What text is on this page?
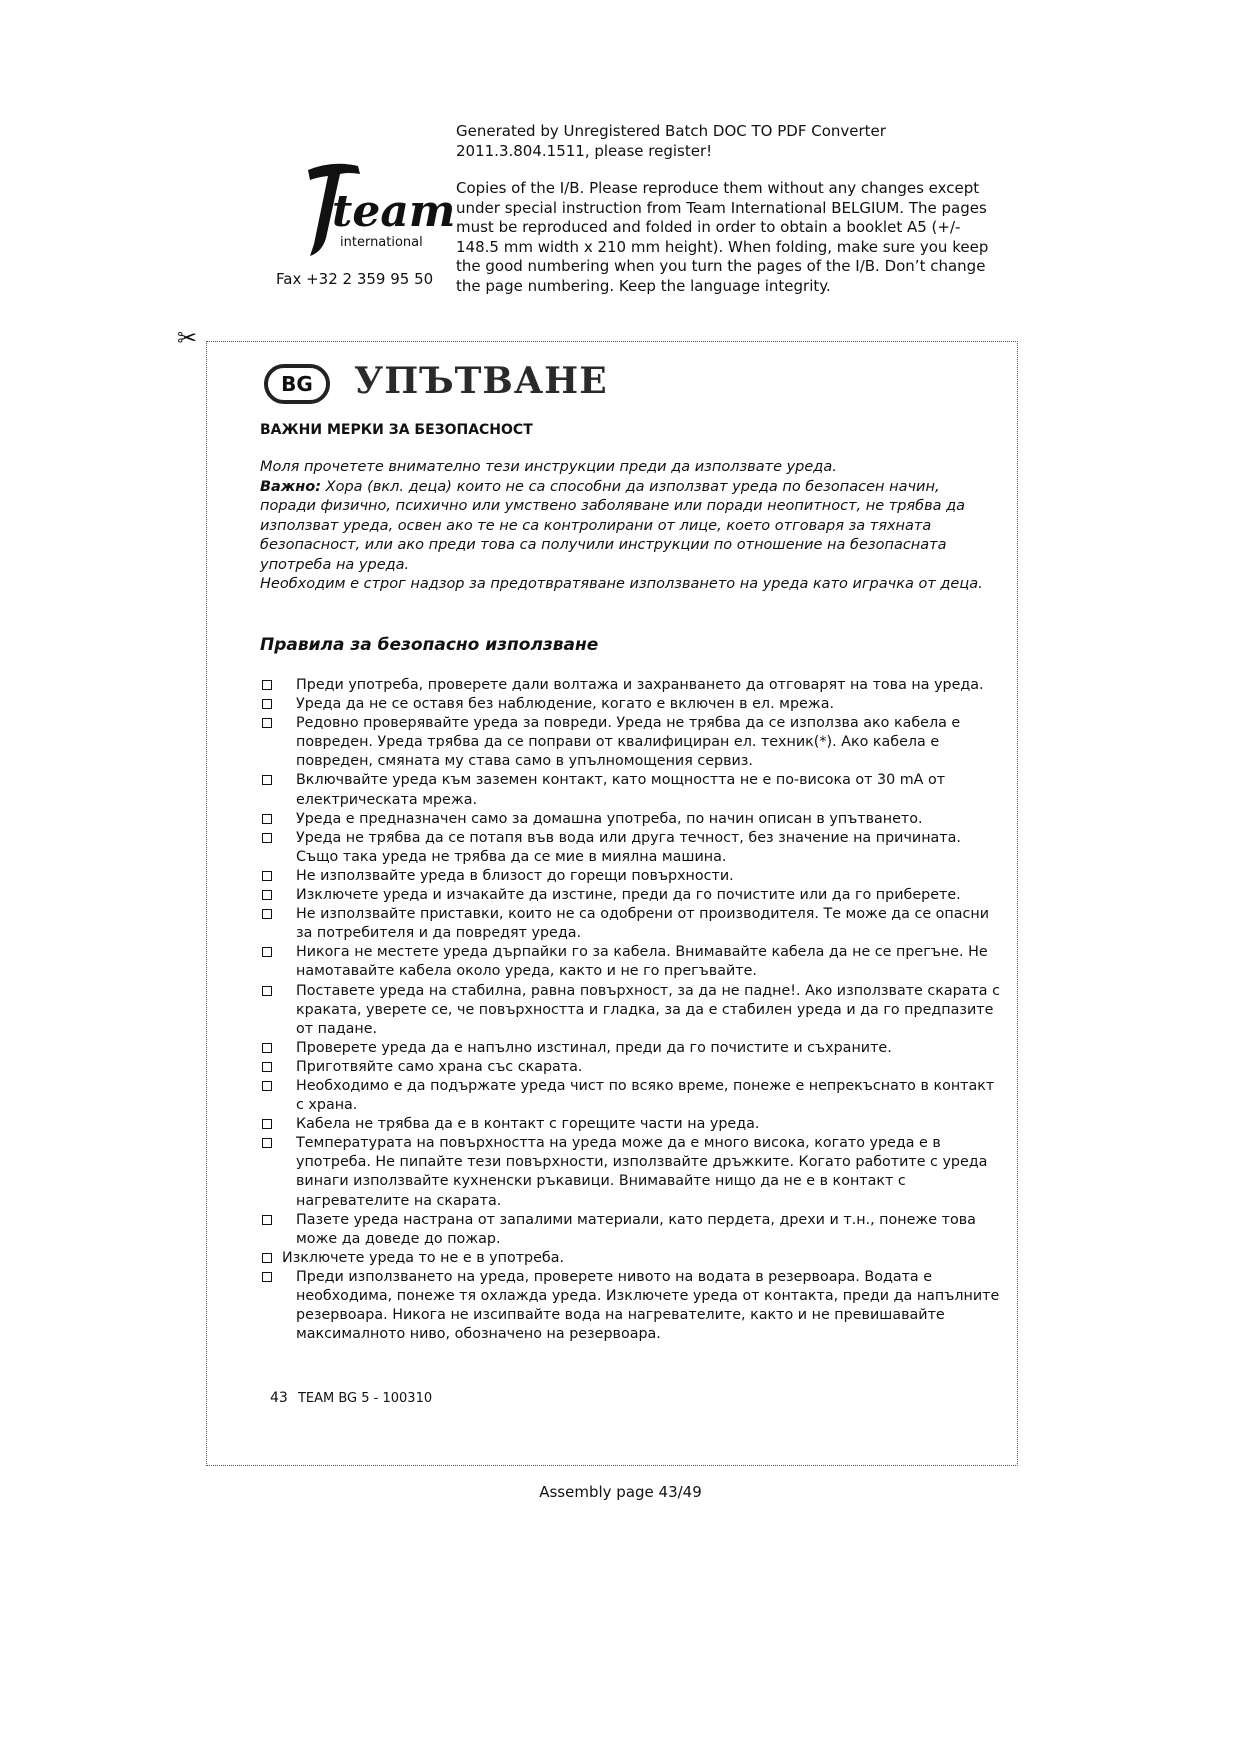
team
international
Fax +32 2 359 95 50

Generated by Unregistered Batch DOC TO PDF Converter 2011.3.804.1511, please register!

Copies of the I/B. Please reproduce them without any changes except under special instruction from Team International BELGIUM. The pages must be reproduced and folded in order to obtain a booklet A5 (+/- 148.5 mm width x 210 mm height). When folding, make sure you keep the good numbering when you turn the pages of the I/B. Don’t change the page numbering. Keep the language integrity.

✂
BG	УПЪТВАНЕ
ВАЖНИ МЕРКИ ЗА БЕЗОПАСНОСТ

Моля прочетете внимателно тези инструкции преди да използвате уреда.

Важно: Хора (вкл. деца) които не са способни да използват уреда по безопасен начин, поради физично, психично или умствено заболяване или поради неопитност, не трябва да използват уреда, освен ако те не са контролирани от лице, което отговаря за тяхната безопасност, или ако преди това са получили инструкции по отношение на безопасната употреба на уреда.

Необходим е строг надзор за предотвратяване използването на уреда като играчка от деца.

Правила за безопасно използване
Преди употреба, проверете дали волтажа и захранването да отговарят на това на уреда.
Уреда да не се оставя без наблюдение, когато е включен в ел. мрежа.
Редовно проверявайте уреда за повреди. Уреда не трябва да се използва ако кабела е повреден. Уреда трябва да се поправи от квалифициран ел. техник(*). Ако кабела е повреден, смяната му става само в упълномощения сервиз.
Включвайте уреда към заземен контакт, като мощността не е по-висока от 30 mA от електрическата мрежа.
Уреда е предназначен само за домашна употреба, по начин описан в упътването.
Уреда не трябва да се потапя във вода или друга течност, без значение на причината. Също така уреда не трябва да се мие в миялна машина.
Не използвайте уреда в близост до горещи повърхности.
Изключете уреда и изчакайте да изстине, преди да го почистите или да го приберете.
Не използвайте приставки, които не са одобрени от производителя. Те може да се опасни за потребителя и да повредят уреда.
Никога не местете уреда дърпайки го за кабела. Внимавайте кабела да не се прегъне. Не намотавайте кабела около уреда, както и не го прегъвайте.
Поставете уреда на стабилна, равна повърхност, за да не падне!. Ако използвате скарата с краката, уверете се, че повърхността и гладка, за да е стабилен уреда и да го предпазите от падане.
Проверете уреда да е напълно изстинал, преди да го почистите и съхраните.
Приготвяйте само храна със скарата.
Необходимо е да подържате уреда чист по всяко време, понеже е непрекъснато в контакт с храна.
Кабела не трябва да е в контакт с горещите части на уреда.
Температурата на повърхността на уреда може да е много висока, когато уреда е в употреба. Не пипайте тези повърхности, използвайте дръжките. Когато работите с уреда винаги използвайте кухненски ръкавици. Внимавайте нищо да не е в контакт с нагревателите на скарата.
Пазете уреда настрана от запалими материали, като пердета, дрехи и т.н., понеже това може да доведе до пожар.
Изключете уреда то не е в употреба.
Преди използването на уреда, проверете нивото на водата в резервоара. Водата е необходима, понеже тя охлажда уреда. Изключете уреда от контакта, преди да напълните резервоара. Никога не изсипвайте вода на нагревателите, както и не превишавайте максималното ниво, обозначено на резервоара.
43 TEAM BG 5 - 100310
Assembly page 43/49
